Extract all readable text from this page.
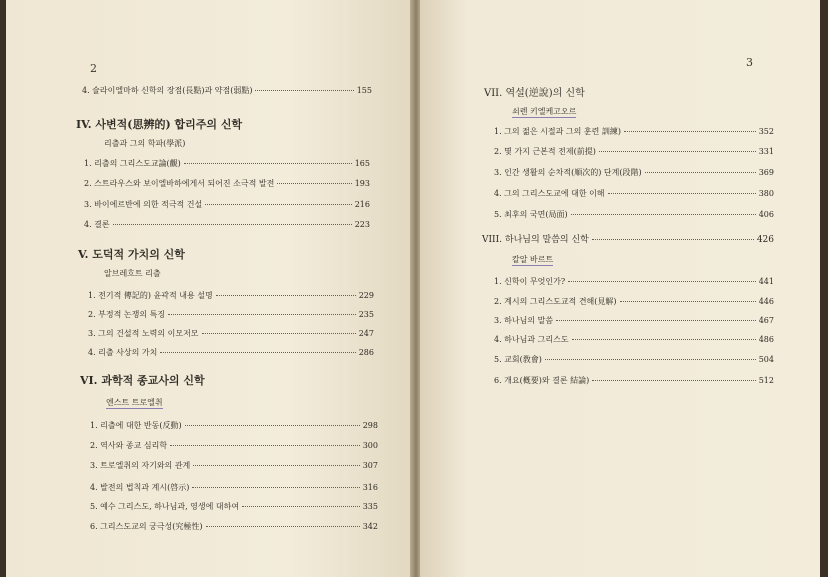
2
4. 슐라이엘마하 신학의 장점(長點)과 약점(弱點)	155
IV. 사변적(思辨的) 합리주의 신학
리츨과 그의 학파(學派)
1. 리츨의 그리스도교論(觀)	165
2. 스트라우스와 보이엘바하에게서 되어진 소극적 발전	193
3. 바이에르반에 의한 적극적 건설	216
4. 결론	223
V. 도덕적 가치의 신학
알브레흐트 리츨
1. 전기적 傳記的) 윤곽적 내용 설명	229
2. 부정적 논쟁의 특징	235
3. 그의 건설적 노력의 이모저모	247
4. 리츨 사상의 가치	286
VI. 과학적 종교사의 신학
엔스트 트로엘취
1. 리츨에 대한 반동(反動)	298
2. 역사와 종교 심리학	300
3. 트로엘취의 자기와의 관계	307
4. 발전의 법칙과 계시(啓示)	316
5. 예수 그리스도, 하나님과, 영생에 대하여	335
6. 그리스도교의 궁극성(究極性)	342
3
VII. 역설(逆說)의 신학
쇠렌 키엘케고오르
1. 그의 젊은 시절과 그의 훈련 訓練)	352
2. 몇 가지 근본적 전제(前提)	331
3. 인간 생활의 순차적(順次的) 단계(段階)	369
4. 그의 그리스도교에 대한 이해	380
5. 최후의 국면(局面)	406
VIII. 하나님의 말씀의 신학	426
칼알 바르트
1. 신학이 무엇인가?	441
2. 계시의 그리스도교적 견해(見解)	446
3. 하나님의 말씀	467
4. 하나님과 그리스도	486
5. 교회(敎會)	504
6. 개요(槪要)와 결론 結論)	512
